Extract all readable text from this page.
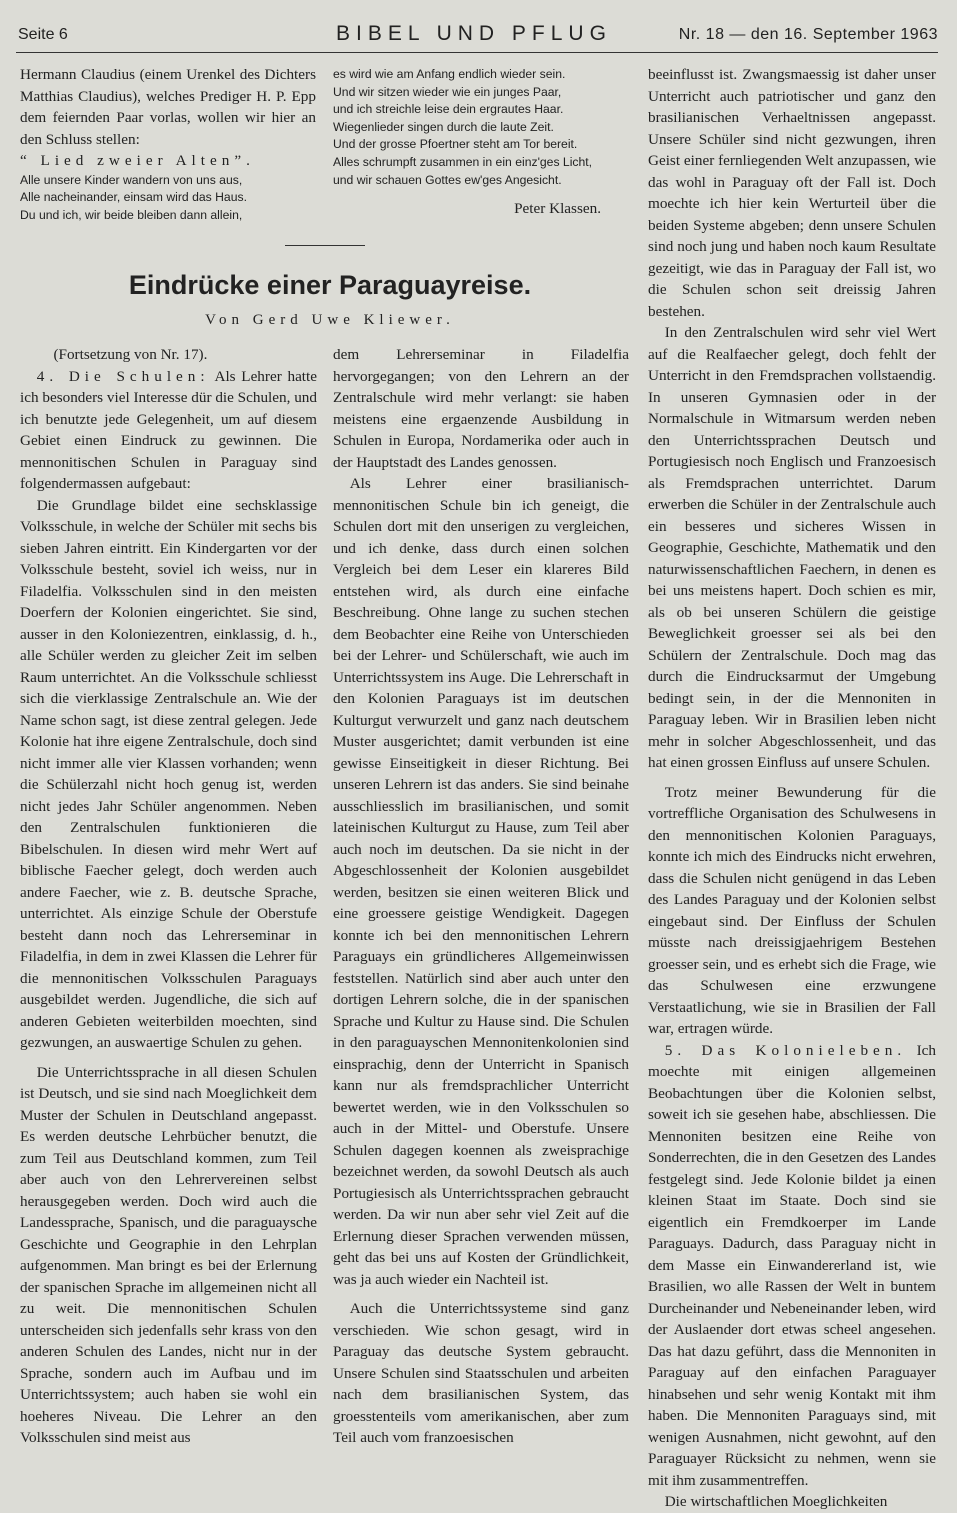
Seite 6	BIBEL UND PFLUG	Nr. 18 — den 16. September 1963

Hermann Claudius (einem Urenkel des Dichters Matthias Claudius), welches Prediger H. P. Epp dem feiernden Paar vorlas, wollen wir hier an den Schluss stellen:

“ Lied zweier Alten”.

Alle unsere Kinder wandern von uns aus,

Alle nacheinander, einsam wird das Haus.

Du und ich, wir beide bleiben dann allein,

es wird wie am Anfang endlich wieder sein.

Und wir sitzen wieder wie ein junges Paar,

und ich streichle leise dein ergrautes Haar.

Wiegenlieder singen durch die laute Zeit.

Und der grosse Pfoertner steht am Tor bereit.

Alles schrumpft zusammen in ein einz'ges Licht,

und wir schauen Gottes ew'ges Angesicht.

Peter Klassen.

Eindrücke einer Paraguayreise.
Von Gerd Uwe Kliewer.

(Fortsetzung von Nr. 17).

4. Die Schulen: Als Lehrer hatte ich besonders viel Interesse dür die Schulen, und ich benutzte jede Gelegenheit, um auf diesem Gebiet einen Eindruck zu gewinnen. Die mennonitischen Schulen in Paraguay sind folgendermassen aufgebaut:

Die Grundlage bildet eine sechsklassige Volksschule, in welche der Schüler mit sechs bis sieben Jahren eintritt. Ein Kindergarten vor der Volksschule besteht, soviel ich weiss, nur in Filadelfia. Volksschulen sind in den meisten Doerfern der Kolonien eingerichtet. Sie sind, ausser in den Koloniezentren, einklassig, d. h., alle Schüler werden zu gleicher Zeit im selben Raum unterrichtet. An die Volksschule schliesst sich die vierklassige Zentralschule an. Wie der Name schon sagt, ist diese zentral gelegen. Jede Kolonie hat ihre eigene Zentralschule, doch sind nicht immer alle vier Klassen vorhanden; wenn die Schülerzahl nicht hoch genug ist, werden nicht jedes Jahr Schüler angenommen. Neben den Zentralschulen funktionieren die Bibelschulen. In diesen wird mehr Wert auf biblische Faecher gelegt, doch werden auch andere Faecher, wie z. B. deutsche Sprache, unterrichtet. Als einzige Schule der Oberstufe besteht dann noch das Lehrerseminar in Filadelfia, in dem in zwei Klassen die Lehrer für die mennonitischen Volksschulen Paraguays ausgebildet werden. Jugendliche, die sich auf anderen Gebieten weiterbilden moechten, sind gezwungen, an auswaertige Schulen zu gehen.

Die Unterrichtssprache in all diesen Schulen ist Deutsch, und sie sind nach Moeglichkeit dem Muster der Schulen in Deutschland angepasst. Es werden deutsche Lehrbücher benutzt, die zum Teil aus Deutschland kommen, zum Teil aber auch von den Lehrervereinen selbst herausgegeben werden. Doch wird auch die Landessprache, Spanisch, und die paraguaysche Geschichte und Geographie in den Lehrplan aufgenommen. Man bringt es bei der Erlernung der spanischen Sprache im allgemeinen nicht all zu weit. Die mennonitischen Schulen unterscheiden sich jedenfalls sehr krass von den anderen Schulen des Landes, nicht nur in der Sprache, sondern auch im Aufbau und im Unterrichtssystem; auch haben sie wohl ein hoeheres Niveau. Die Lehrer an den Volksschulen sind meist aus

dem Lehrerseminar in Filadelfia hervorgegangen; von den Lehrern an der Zentralschule wird mehr verlangt: sie haben meistens eine ergaenzende Ausbildung in Schulen in Europa, Nordamerika oder auch in der Hauptstadt des Landes genossen.

Als Lehrer einer brasilianisch-mennonitischen Schule bin ich geneigt, die Schulen dort mit den unserigen zu vergleichen, und ich denke, dass durch einen solchen Vergleich bei dem Leser ein klareres Bild entstehen wird, als durch eine einfache Beschreibung. Ohne lange zu suchen stechen dem Beobachter eine Reihe von Unterschieden bei der Lehrer- und Schülerschaft, wie auch im Unterrichtssystem ins Auge. Die Lehrerschaft in den Kolonien Paraguays ist im deutschen Kulturgut verwurzelt und ganz nach deutschem Muster ausgerichtet; damit verbunden ist eine gewisse Einseitigkeit in dieser Richtung. Bei unseren Lehrern ist das anders. Sie sind beinahe ausschliesslich im brasilianischen, und somit lateinischen Kulturgut zu Hause, zum Teil aber auch noch im deutschen. Da sie nicht in der Abgeschlossenheit der Kolonien ausgebildet werden, besitzen sie einen weiteren Blick und eine groessere geistige Wendigkeit. Dagegen konnte ich bei den mennonitischen Lehrern Paraguays ein gründlicheres Allgemeinwissen feststellen. Natürlich sind aber auch unter den dortigen Lehrern solche, die in der spanischen Sprache und Kultur zu Hause sind. Die Schulen in den paraguayschen Mennonitenkolonien sind einsprachig, denn der Unterricht in Spanisch kann nur als fremdsprachlicher Unterricht bewertet werden, wie in den Volksschulen so auch in der Mittel- und Oberstufe. Unsere Schulen dagegen koennen als zweisprachige bezeichnet werden, da sowohl Deutsch als auch Portugiesisch als Unterrichtssprachen gebraucht werden. Da wir nun aber sehr viel Zeit auf die Erlernung dieser Sprachen verwenden müssen, geht das bei uns auf Kosten der Gründlichkeit, was ja auch wieder ein Nachteil ist.

Auch die Unterrichtssysteme sind ganz verschieden. Wie schon gesagt, wird in Paraguay das deutsche System gebraucht. Unsere Schulen sind Staatsschulen und arbeiten nach dem brasilianischen System, das groesstenteils vom amerikanischen, aber zum Teil auch vom franzoesischen

beeinflusst ist. Zwangsmaessig ist daher unser Unterricht auch patriotischer und ganz den brasilianischen Verhaeltnissen angepasst. Unsere Schüler sind nicht gezwungen, ihren Geist einer fernliegenden Welt anzupassen, wie das wohl in Paraguay oft der Fall ist. Doch moechte ich hier kein Werturteil über die beiden Systeme abgeben; denn unsere Schulen sind noch jung und haben noch kaum Resultate gezeitigt, wie das in Paraguay der Fall ist, wo die Schulen schon seit dreissig Jahren bestehen.

In den Zentralschulen wird sehr viel Wert auf die Realfaecher gelegt, doch fehlt der Unterricht in den Fremdsprachen vollstaendig. In unseren Gymnasien oder in der Normalschule in Witmarsum werden neben den Unterrichtssprachen Deutsch und Portugiesisch noch Englisch und Franzoesisch als Fremdsprachen unterrichtet. Darum erwerben die Schüler in der Zentralschule auch ein besseres und sicheres Wissen in Geographie, Geschichte, Mathematik und den naturwissenschaftlichen Faechern, in denen es bei uns meistens hapert. Doch schien es mir, als ob bei unseren Schülern die geistige Beweglichkeit groesser sei als bei den Schülern der Zentralschule. Doch mag das durch die Eindrucksarmut der Umgebung bedingt sein, in der die Mennoniten in Paraguay leben. Wir in Brasilien leben nicht mehr in solcher Abgeschlossenheit, und das hat einen grossen Einfluss auf unsere Schulen.

Trotz meiner Bewunderung für die vortreffliche Organisation des Schulwesens in den mennonitischen Kolonien Paraguays, konnte ich mich des Eindrucks nicht erwehren, dass die Schulen nicht genügend in das Leben des Landes Paraguay und der Kolonien selbst eingebaut sind. Der Einfluss der Schulen müsste nach dreissigjaehrigem Bestehen groesser sein, und es erhebt sich die Frage, wie das Schulwesen eine erzwungene Verstaatlichung, wie sie in Brasilien der Fall war, ertragen würde.

5. Das Kolonieleben. Ich moechte mit einigen allgemeinen Beobachtungen über die Kolonien selbst, soweit ich sie gesehen habe, abschliessen. Die Mennoniten besitzen eine Reihe von Sonderrechten, die in den Gesetzen des Landes festgelegt sind. Jede Kolonie bildet ja einen kleinen Staat im Staate. Doch sind sie eigentlich ein Fremdkoerper im Lande Paraguays. Dadurch, dass Paraguay nicht in dem Masse ein Einwandererland ist, wie Brasilien, wo alle Rassen der Welt in buntem Durcheinander und Nebeneinander leben, wird der Auslaender dort etwas scheel angesehen. Das hat dazu geführt, dass die Mennoniten in Paraguay auf den einfachen Paraguayer hinabsehen und sehr wenig Kontakt mit ihm haben. Die Mennoniten Paraguays sind, mit wenigen Ausnahmen, nicht gewohnt, auf den Paraguayer Rücksicht zu nehmen, wenn sie mit ihm zusammentreffen.

Die wirtschaftlichen Moeglichkeiten
